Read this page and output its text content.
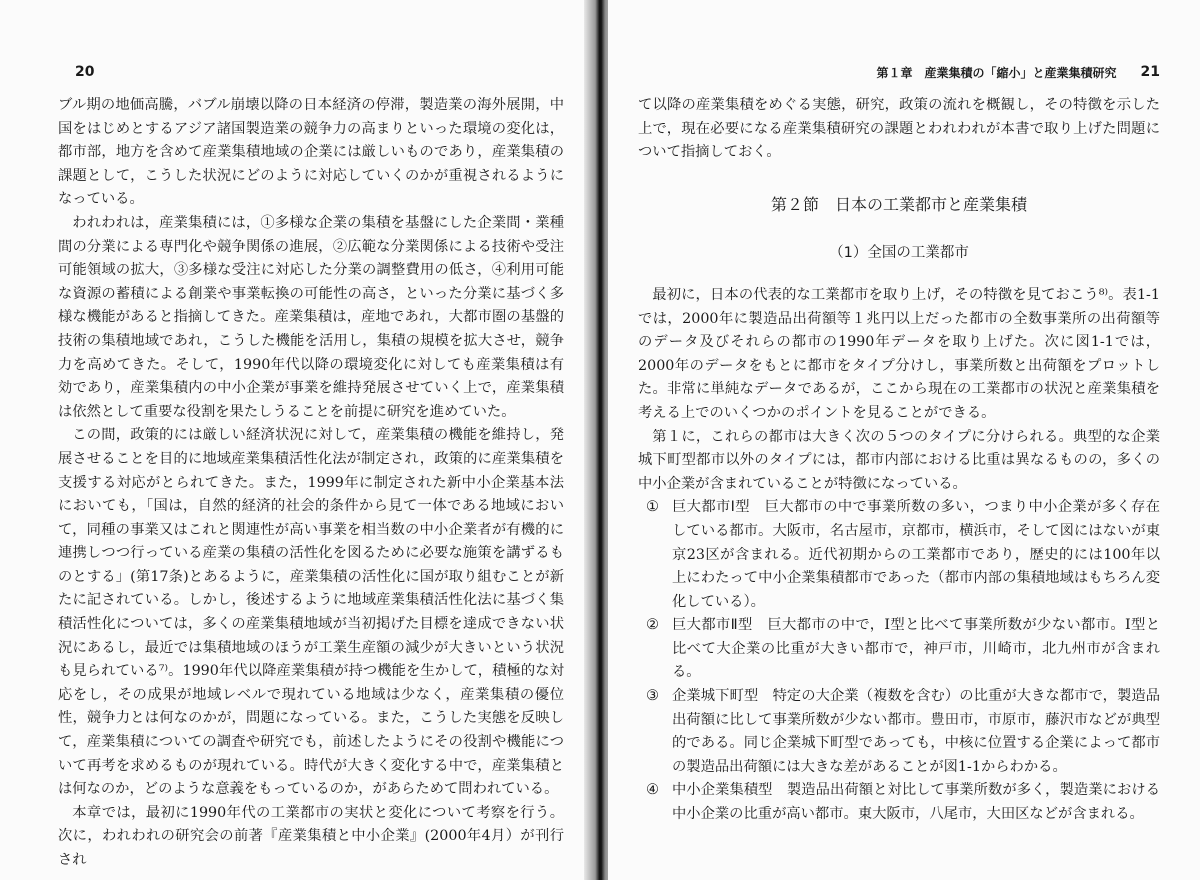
20

ブル期の地価高騰，バブル崩壊以降の日本経済の停滞，製造業の海外展開，中国をはじめとするアジア諸国製造業の競争力の高まりといった環境の変化は，都市部，地方を含めて産業集積地域の企業には厳しいものであり，産業集積の課題として，こうした状況にどのように対応していくのかが重視されるようになっている。

われわれは，産業集積には，①多様な企業の集積を基盤にした企業間・業種間の分業による専門化や競争関係の進展，②広範な分業関係による技術や受注可能領域の拡大，③多様な受注に対応した分業の調整費用の低さ，④利用可能な資源の蓄積による創業や事業転換の可能性の高さ，といった分業に基づく多様な機能があると指摘してきた。産業集積は，産地であれ，大都市圏の基盤的技術の集積地域であれ，こうした機能を活用し，集積の規模を拡大させ，競争力を高めてきた。そして，1990年代以降の環境変化に対しても産業集積は有効であり，産業集積内の中小企業が事業を維持発展させていく上で，産業集積は依然として重要な役割を果たしうることを前提に研究を進めていた。

この間，政策的には厳しい経済状況に対して，産業集積の機能を維持し，発展させることを目的に地域産業集積活性化法が制定され，政策的に産業集積を支援する対応がとられてきた。また，1999年に制定された新中小企業基本法においても，「国は，自然的経済的社会的条件から見て一体である地域において，同種の事業又はこれと関連性が高い事業を相当数の中小企業者が有機的に連携しつつ行っている産業の集積の活性化を図るために必要な施策を講ずるものとする」(第17条)とあるように，産業集積の活性化に国が取り組むことが新たに記されている。しかし，後述するように地域産業集積活性化法に基づく集積活性化については，多くの産業集積地域が当初掲げた目標を達成できない状況にあるし，最近では集積地域のほうが工業生産額の減少が大きいという状況も見られている⁷⁾。1990年代以降産業集積が持つ機能を生かして，積極的な対応をし，その成果が地域レベルで現れている地域は少なく，産業集積の優位性，競争力とは何なのかが，問題になっている。また，こうした実態を反映して，産業集積についての調査や研究でも，前述したようにその役割や機能について再考を求めるものが現れている。時代が大きく変化する中で，産業集積とは何なのか，どのような意義をもっているのか，があらためて問われている。

本章では，最初に1990年代の工業都市の実状と変化について考察を行う。次に，われわれの研究会の前著『産業集積と中小企業』(2000年4月）が刊行され

第１章　産業集積の「縮小」と産業集積研究 21

て以降の産業集積をめぐる実態，研究，政策の流れを概観し，その特徴を示した上で，現在必要になる産業集積研究の課題とわれわれが本書で取り上げた問題について指摘しておく。

第２節　日本の工業都市と産業集積
（1）全国の工業都市

最初に，日本の代表的な工業都市を取り上げ，その特徴を見ておこう⁸⁾。表1-1では，2000年に製造品出荷額等１兆円以上だった都市の全数事業所の出荷額等のデータ及びそれらの都市の1990年データを取り上げた。次に図1-1では，2000年のデータをもとに都市をタイプ分けし，事業所数と出荷額をプロットした。非常に単純なデータであるが，ここから現在の工業都市の状況と産業集積を考える上でのいくつかのポイントを見ることができる。

第１に，これらの都市は大きく次の５つのタイプに分けられる。典型的な企業城下町型都市以外のタイプには，都市内部における比重は異なるものの，多くの中小企業が含まれていることが特徴になっている。

① 巨大都市Ⅰ型　 巨大都市の中で事業所数の多い，つまり中小企業が多く存在している都市。大阪市，名古屋市，京都市，横浜市，そして図にはないが東京23区が含まれる。近代初期からの工業都市であり，歴史的には100年以上にわたって中小企業集積都市であった（都市内部の集積地域はもちろん変化している）。
② 巨大都市Ⅱ型　 巨大都市の中で，Ⅰ型と比べて事業所数が少ない都市。Ⅰ型と比べて大企業の比重が大きい都市で，神戸市，川崎市，北九州市が含まれる。
③ 企業城下町型　 特定の大企業（複数を含む）の比重が大きな都市で，製造品出荷額に比して事業所数が少ない都市。豊田市，市原市，藤沢市などが典型的である。同じ企業城下町型であっても，中核に位置する企業によって都市の製造品出荷額には大きな差があることが図1-1からわかる。
④ 中小企業集積型　 製造品出荷額と対比して事業所数が多く，製造業における中小企業の比重が高い都市。東大阪市，八尾市，大田区などが含まれる。
